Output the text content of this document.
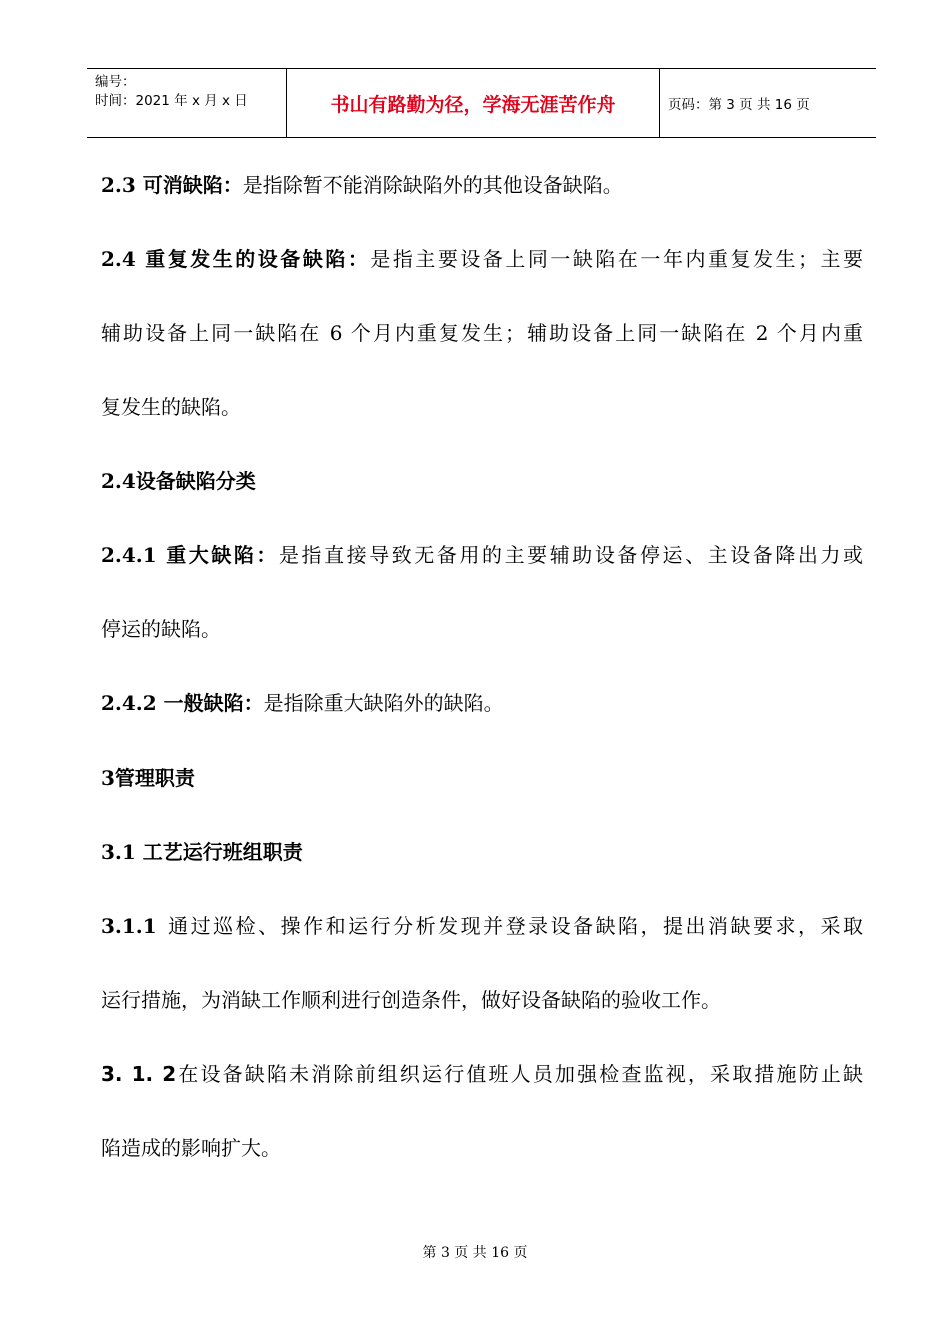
编号：
时间：2021 年 x 月 x 日	书山有路勤为径，学海无涯苦作舟	页码：第 3 页 共 16 页
2.3 可消缺陷：是指除暂不能消除缺陷外的其他设备缺陷。
2.4 重复发生的设备缺陷：是指主要设备上同一缺陷在一年内重复发生；主要
辅助设备上同一缺陷在 6 个月内重复发生；辅助设备上同一缺陷在 2 个月内重
复发生的缺陷。
2.4设备缺陷分类
2.4.1 重大缺陷：是指直接导致无备用的主要辅助设备停运、主设备降出力或
停运的缺陷。
2.4.2 一般缺陷：是指除重大缺陷外的缺陷。
3管理职责
3.1 工艺运行班组职责
3.1.1 通过巡检、操作和运行分析发现并登录设备缺陷，提出消缺要求，采取
运行措施，为消缺工作顺利进行创造条件，做好设备缺陷的验收工作。
3. 1. 2在设备缺陷未消除前组织运行值班人员加强检查监视，采取措施防止缺
陷造成的影响扩大。
第 3 页 共 16 页
